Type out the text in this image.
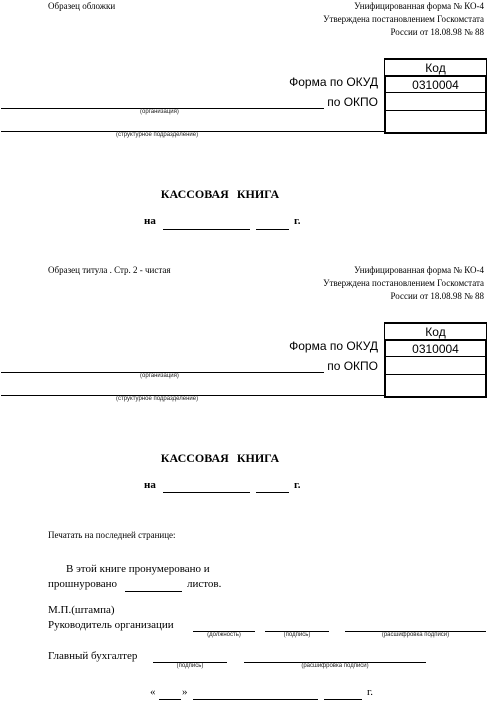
Образец обложки	Унифицированная форма № КО-4
Утверждена постановлением Госкомстата
России от 18.08.98 № 88
Код
0310004
Форма по ОКУД
по ОКПО
(организация)
(структурное подразделение)
КАССОВАЯ КНИГА
на	г.
Образец титула . Стр. 2 - чистая	Унифицированная форма № КО-4
Утверждена постановлением Госкомстата
России от 18.08.98 № 88
Код
0310004
Форма по ОКУД
по ОКПО
(организация)
(структурное подразделение)
КАССОВАЯ КНИГА
на	г.
Печатать на последней странице:
В этой книге пронумеровано и
прошнуровано	листов.
М.П.(штампа)
Руководитель организации
(должность)	(подпись)	(расшифровка подписи)
Главный бухгалтер
(подпись)	(расшифровка подписи)
« »	г.
